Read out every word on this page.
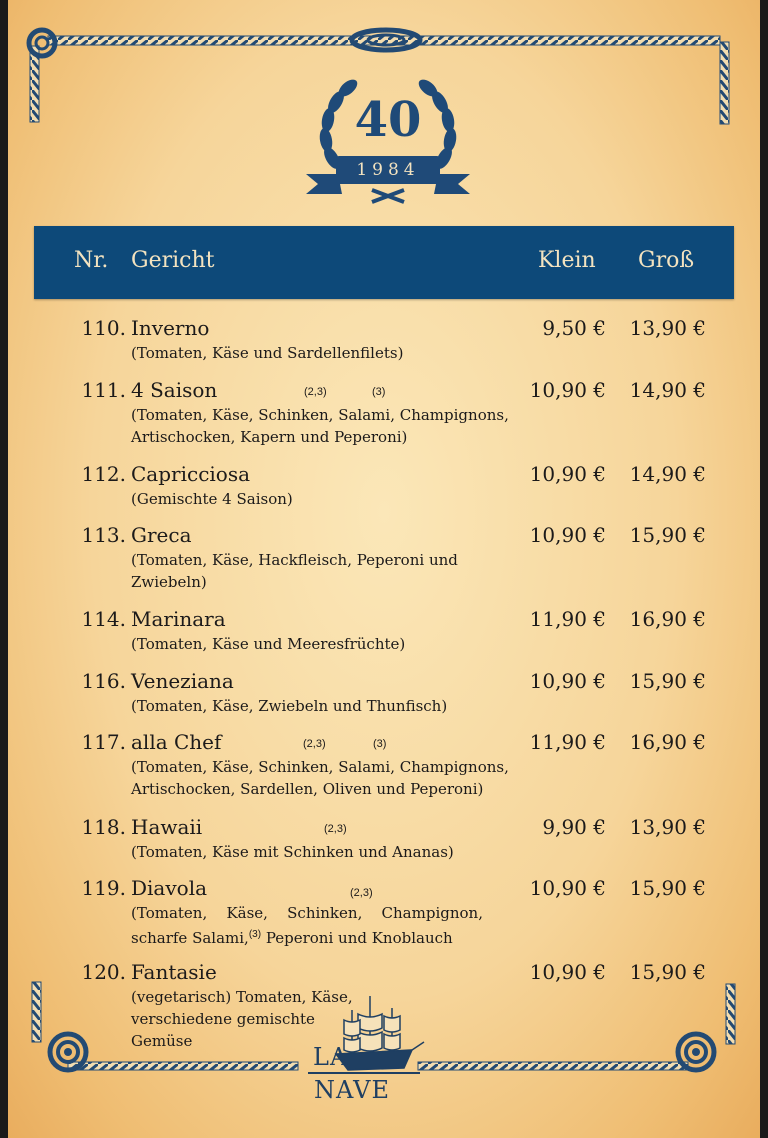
40
1984
Nr. Gericht	Klein Groß
110. Inverno	9,50 € 13,90 €
(Tomaten, Käse und Sardellenfilets)
111. 4 Saison	(2,3)	(3)	10,90 € 14,90 €
(Tomaten, Käse, Schinken, Salami, Champignons,
Artischocken, Kapern und Peperoni)
112. Capricciosa	10,90 € 14,90 €
(Gemischte 4 Saison)
113. Greca	10,90 € 15,90 €
(Tomaten, Käse, Hackfleisch, Peperoni und
Zwiebeln)
114. Marinara	11,90 € 16,90 €
(Tomaten, Käse und Meeresfrüchte)
116. Veneziana	10,90 € 15,90 €
(Tomaten, Käse, Zwiebeln und Thunfisch)
117. alla Chef	(2,3)	(3)	11,90 € 16,90 €
(Tomaten, Käse, Schinken, Salami, Champignons,
Artischocken, Sardellen, Oliven und Peperoni)
118. Hawaii	(2,3)	9,90 € 13,90 €
(Tomaten, Käse mit Schinken und Ananas)
119. Diavola	(2,3)	10,90 € 15,90 €
(Tomaten, Käse, Schinken, Champignon,
scharfe Salami,$^{(3)}$ Peperoni und Knoblauch
120. Fantasie	10,90 € 15,90 €
(vegetarisch) Tomaten, Käse,
verschiedene gemischte
Gemüse
LA
NAVE
